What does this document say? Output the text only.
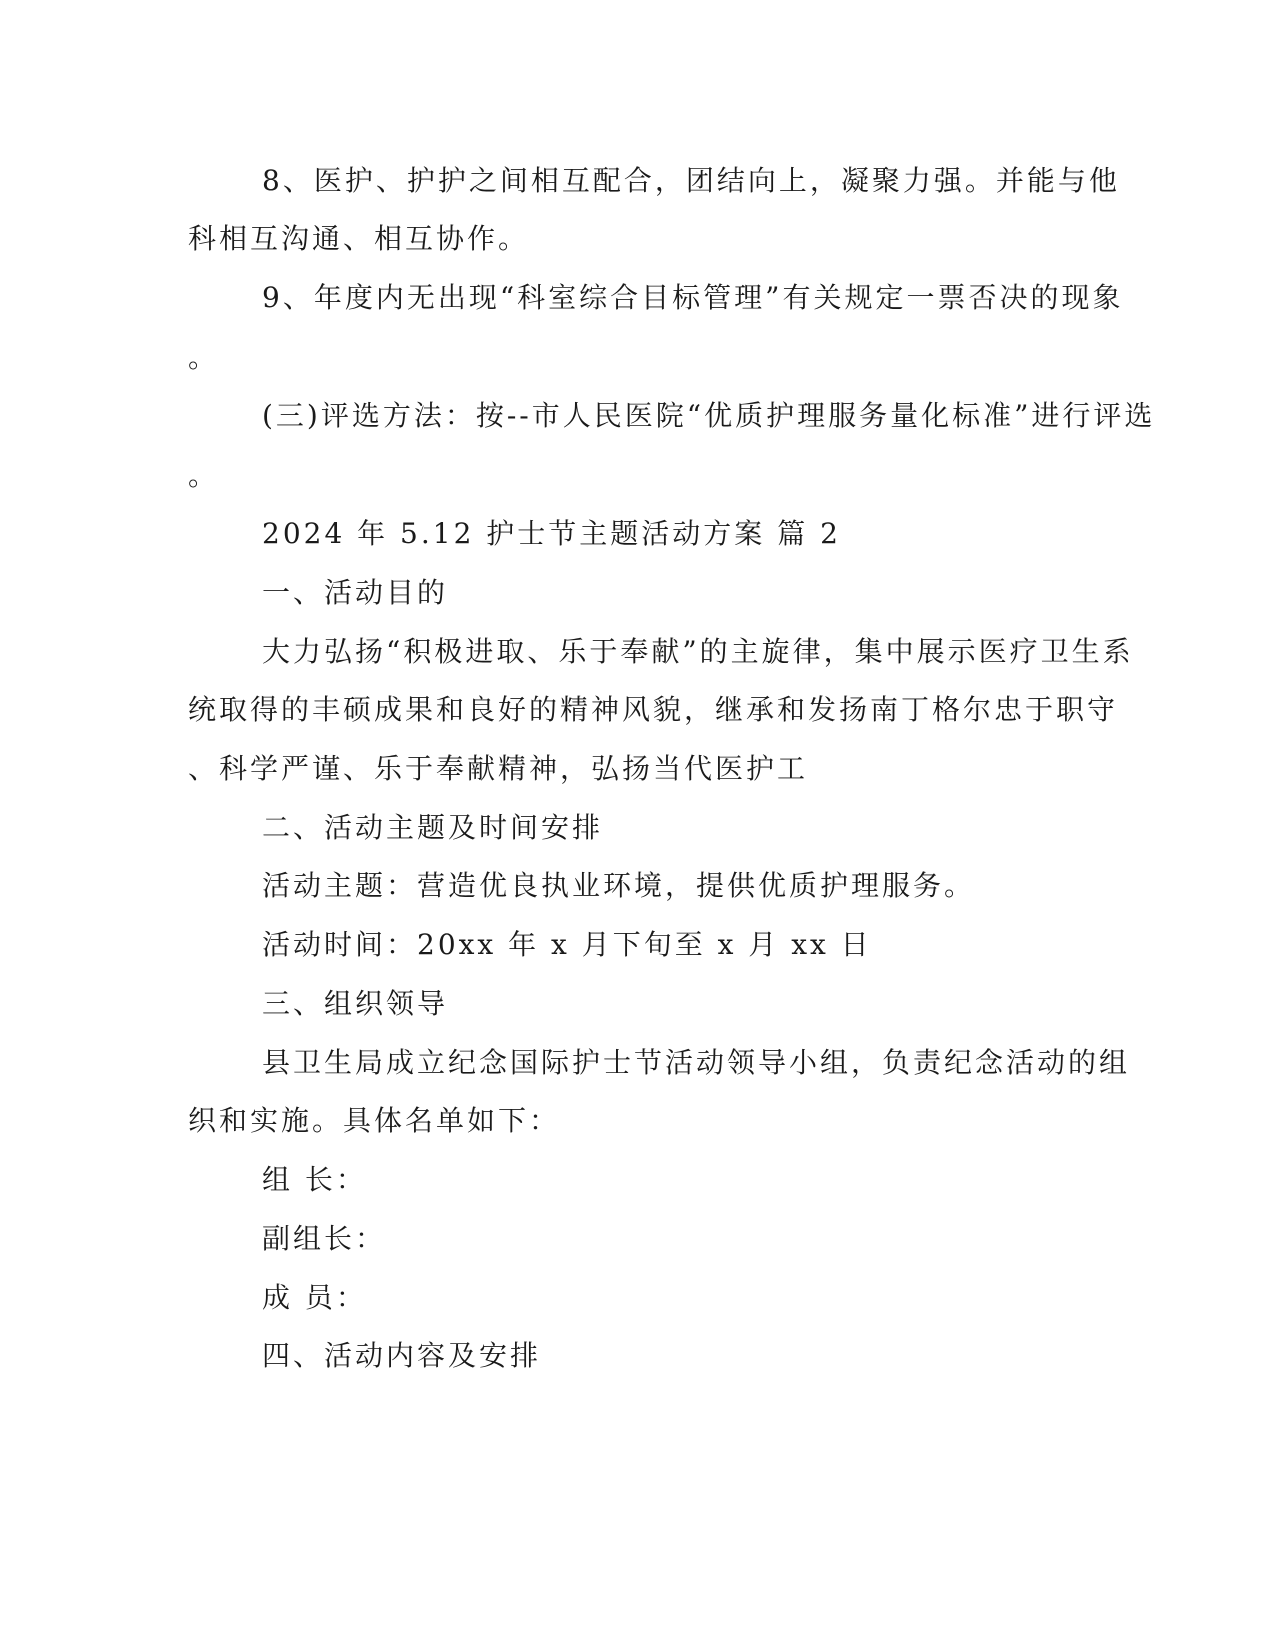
8、医护、护护之间相互配合，团结向上，凝聚力强。并能与他
科相互沟通、相互协作。
9、年度内无出现“科室综合目标管理”有关规定一票否决的现象
。
(三)评选方法：按--市人民医院“优质护理服务量化标准”进行评选
。
2024 年 5.12 护士节主题活动方案 篇 2
一、活动目的
大力弘扬“积极进取、乐于奉献”的主旋律，集中展示医疗卫生系
统取得的丰硕成果和良好的精神风貌，继承和发扬南丁格尔忠于职守
、科学严谨、乐于奉献精神，弘扬当代医护工
二、活动主题及时间安排
活动主题：营造优良执业环境，提供优质护理服务。
活动时间：20xx 年 x 月下旬至 x 月 xx 日
三、组织领导
县卫生局成立纪念国际护士节活动领导小组，负责纪念活动的组
织和实施。具体名单如下：
组 长：
副组长：
成 员：
四、活动内容及安排
